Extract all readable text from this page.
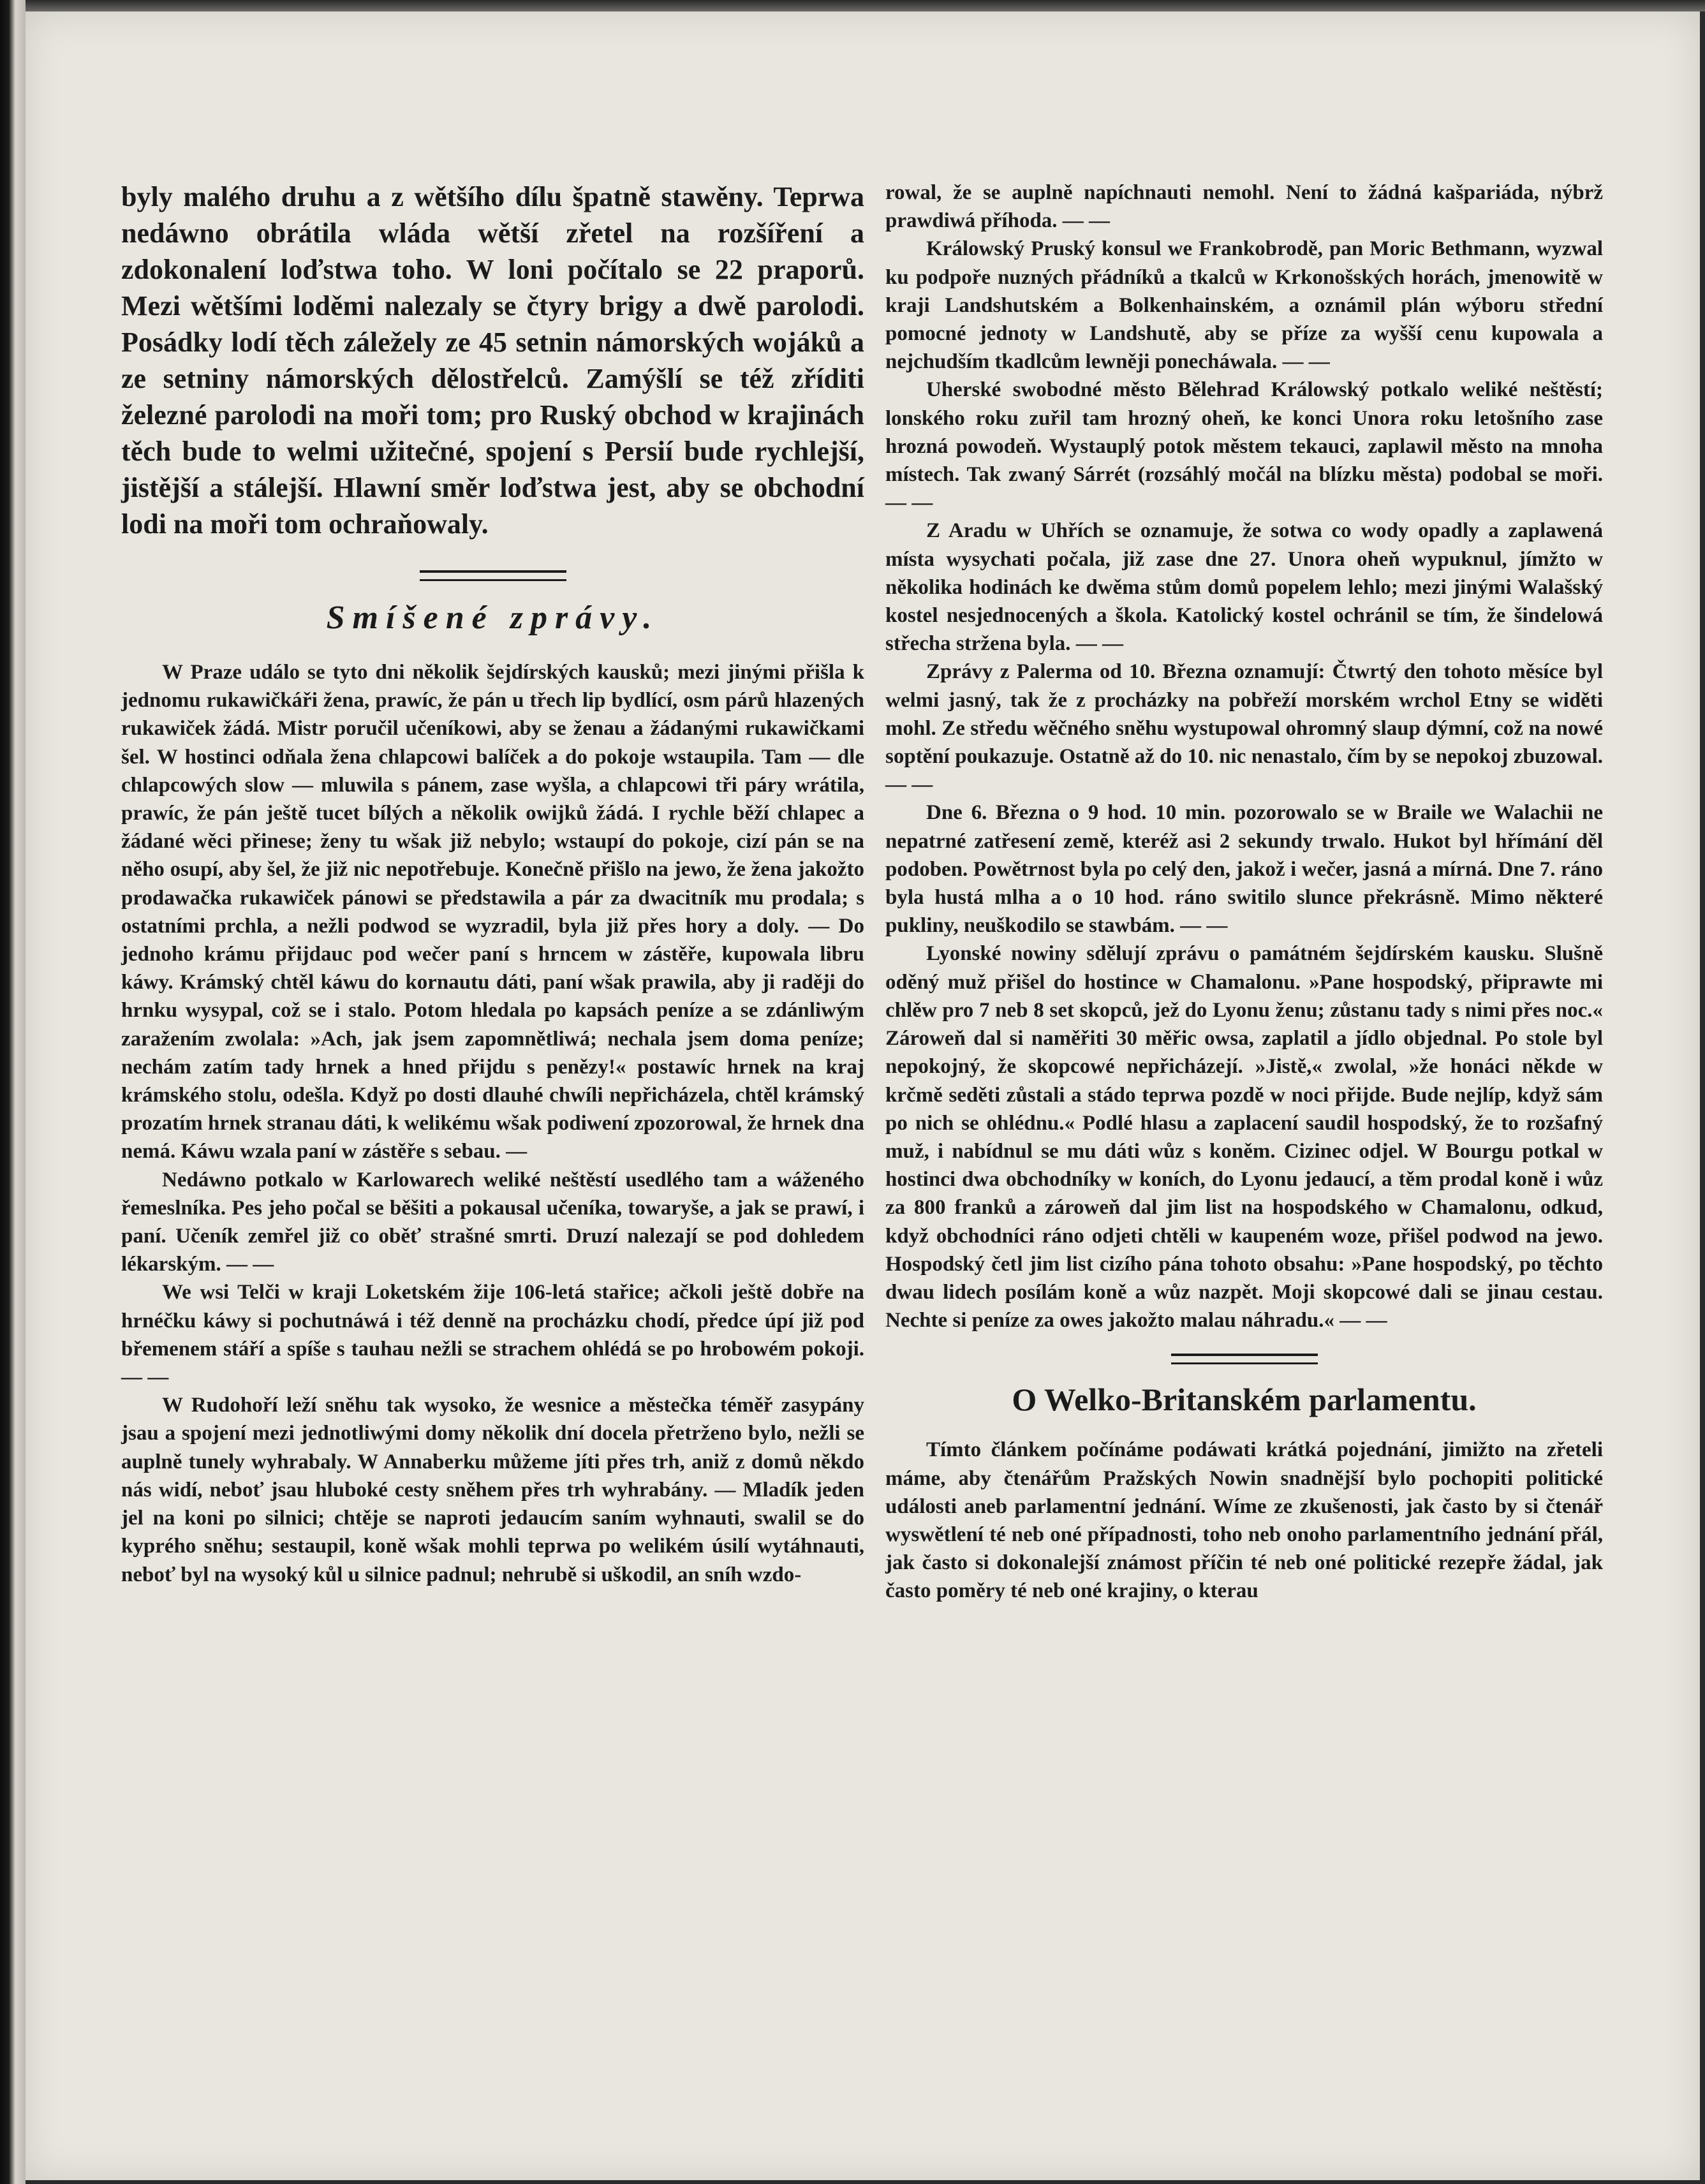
byly malého druhu a z wětšího dílu špatně stawěny. Teprwa nedáwno obrátila wláda wětší zřetel na rozšíření a zdokonalení loďstwa toho. W loni počítalo se 22 praporů. Mezi wětšími loděmi nalezaly se čtyry brigy a dwě parolodi. Posádky lodí těch záležely ze 45 setnin námorských wojáků a ze setniny námorských dělostřelců. Zamýšlí se též zříditi železné parolodi na moři tom; pro Ruský obchod w krajinách těch bude to welmi užitečné, spojení s Persií bude rychlejší, jistější a stálejší. Hlawní směr loďstwa jest, aby se obchodní lodi na moři tom ochraňowaly.

Smíšené zprávy.

W Praze událo se tyto dni několik šejdírských kausků; mezi jinými přišla k jednomu rukawičkáři žena, prawíc, že pán u třech lip bydlící, osm párů hlazených rukawiček žádá. Mistr poručil učeníkowi, aby se ženau a žádanými rukawičkami šel. W hostinci odňala žena chlapcowi balíček a do pokoje wstaupila. Tam — dle chlapcowých slow — mluwila s pánem, zase wyšla, a chlapcowi tři páry wrátila, prawíc, že pán ještě tucet bílých a několik owijků žádá. I rychle běží chlapec a žádané wěci přinese; ženy tu wšak již nebylo; wstaupí do pokoje, cizí pán se na něho osupí, aby šel, že již nic nepotřebuje. Konečně přišlo na jewo, že žena jakožto prodawačka rukawiček pánowi se předstawila a pár za dwacitník mu prodala; s ostatními prchla, a nežli podwod se wyzradil, byla již přes hory a doly. — Do jednoho krámu přijdauc pod wečer paní s hrncem w zástěře, kupowala libru káwy. Krámský chtěl káwu do kornautu dáti, paní wšak prawila, aby ji raději do hrnku wysypal, což se i stalo. Potom hledala po kapsách peníze a se zdánliwým zaražením zwolala: »Ach, jak jsem zapomnětliwá; nechala jsem doma peníze; nechám zatím tady hrnek a hned přijdu s penězy!« postawíc hrnek na kraj krámského stolu, odešla. Když po dosti dlauhé chwíli nepřicházela, chtěl krámský prozatím hrnek stranau dáti, k welikému wšak podiwení zpozorowal, že hrnek dna nemá. Káwu wzala paní w zástěře s sebau. —

Nedáwno potkalo w Karlowarech weliké neštěstí usedlého tam a wáženého řemeslníka. Pes jeho počal se běšiti a pokausal učeníka, towaryše, a jak se prawí, i paní. Učeník zemřel již co oběť strašné smrti. Druzí nalezají se pod dohledem lékarským. — —

We wsi Telči w kraji Loketském žije 106-letá stařice; ačkoli ještě dobře na hrnéčku káwy si pochutnáwá i též denně na procházku chodí, předce úpí již pod břemenem stáří a spíše s tauhau nežli se strachem ohlédá se po hrobowém pokoji. — —

W Rudohoří leží sněhu tak wysoko, že wesnice a městečka téměř zasypány jsau a spojení mezi jednotliwými domy několik dní docela přetrženo bylo, nežli se auplně tunely wyhrabaly. W Annaberku můžeme jíti přes trh, aniž z domů někdo nás widí, neboť jsau hluboké cesty sněhem přes trh wyhrabány. — Mladík jeden jel na koni po silnici; chtěje se naproti jedaucím saním wyhnauti, swalil se do kyprého sněhu; sestaupil, koně wšak mohli teprwa po welikém úsilí wytáhnauti, neboť byl na wysoký kůl u silnice padnul; nehrubě si uškodil, an sníh wzdo-

rowal, že se auplně napíchnauti nemohl. Není to žádná kašpariáda, nýbrž prawdiwá příhoda. — —

Králowský Pruský konsul we Frankobrodě, pan Moric Bethmann, wyzwal ku podpoře nuzných přádníků a tkalců w Krkonošských horách, jmenowitě w kraji Landshutském a Bolkenhainském, a oznámil plán wýboru střední pomocné jednoty w Landshutě, aby se příze za wyšší cenu kupowala a nejchudším tkadlcům lewněji ponecháwala. — —

Uherské swobodné město Bělehrad Králowský potkalo weliké neštěstí; lonského roku zuřil tam hrozný oheň, ke konci Unora roku letošního zase hrozná powodeň. Wystauplý potok městem tekauci, zaplawil město na mnoha místech. Tak zwaný Sárrét (rozsáhlý močál na blízku města) podobal se moři. — —

Z Aradu w Uhřích se oznamuje, že sotwa co wody opadly a zaplawená místa wysychati počala, již zase dne 27. Unora oheň wypuknul, jímžto w několika hodinách ke dwěma stům domů popelem lehlo; mezi jinými Walašský kostel nesjednocených a škola. Katolický kostel ochránil se tím, že šindelowá střecha stržena byla. — —

Zprávy z Palerma od 10. Března oznamují: Čtwrtý den tohoto měsíce byl welmi jasný, tak že z procházky na pobřeží morském wrchol Etny se widěti mohl. Ze středu wěčného sněhu wystupowal ohromný slaup dýmní, což na nowé soptění poukazuje. Ostatně až do 10. nic nenastalo, čím by se nepokoj zbuzowal. — —

Dne 6. Března o 9 hod. 10 min. pozorowalo se w Braile we Walachii ne nepatrné zatřesení země, kteréž asi 2 sekundy trwalo. Hukot byl hřímání děl podoben. Powětrnost byla po celý den, jakož i wečer, jasná a mírná. Dne 7. ráno byla hustá mlha a o 10 hod. ráno switilo slunce překrásně. Mimo některé pukliny, neuškodilo se stawbám. — —

Lyonské nowiny sdělují zprávu o památném šejdírském kausku. Slušně oděný muž přišel do hostince w Chamalonu. »Pane hospodský, připrawte mi chlěw pro 7 neb 8 set skopců, jež do Lyonu ženu; zůstanu tady s nimi přes noc.« Zároweň dal si naměřiti 30 měřic owsa, zaplatil a jídlo objednal. Po stole byl nepokojný, že skopcowé nepřicházejí. »Jistě,« zwolal, »že honáci někde w krčmě seděti zůstali a stádo teprwa pozdě w noci přijde. Bude nejlíp, když sám po nich se ohlédnu.« Podlé hlasu a zaplacení saudil hospodský, že to rozšafný muž, i nabídnul se mu dáti wůz s koněm. Cizinec odjel. W Bourgu potkal w hostinci dwa obchodníky w koních, do Lyonu jedaucí, a těm prodal koně i wůz za 800 franků a zároweň dal jim list na hospodského w Chamalonu, odkud, když obchodníci ráno odjeti chtěli w kaupeném woze, přišel podwod na jewo. Hospodský četl jim list cizího pána tohoto obsahu: »Pane hospodský, po těchto dwau lidech posílám koně a wůz nazpět. Moji skopcowé dali se jinau cestau. Nechte si peníze za owes jakožto malau náhradu.« — —

O Welko-Britanském parlamentu.

Tímto článkem počínáme podáwati krátká pojednání, jimižto na zřeteli máme, aby čtenářům Pražských Nowin snadnější bylo pochopiti politické události aneb parlamentní jednání. Wíme ze zkušenosti, jak často by si čtenář wyswětlení té neb oné případnosti, toho neb onoho parlamentního jednání přál, jak často si dokonalejší známost příčin té neb oné politické rezepře žádal, jak často poměry té neb oné krajiny, o kterau
